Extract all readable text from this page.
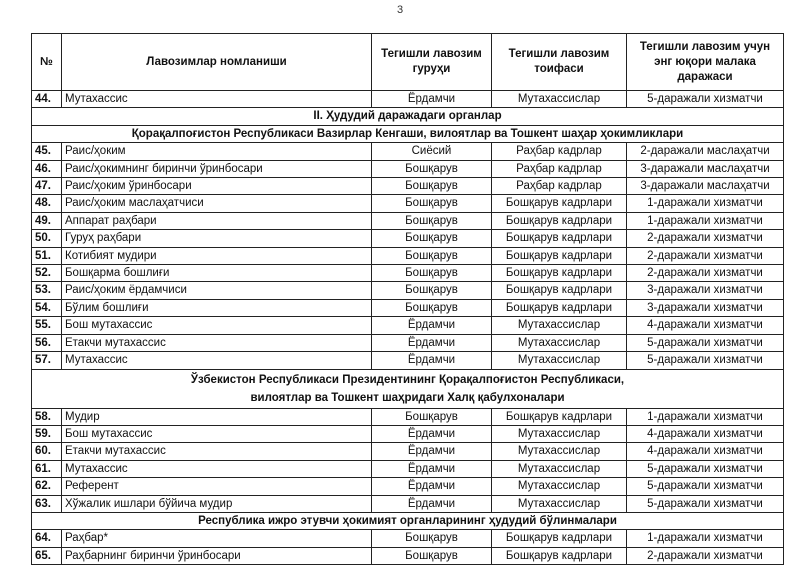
3
№	Лавозимлар номланиши	Тегишли лавозим гуруҳи	Тегишли лавозим тоифаси	Тегишли лавозим учун энг юқори малака даражаси
44.	Мутахассис	Ёрдамчи	Мутахассислар	5-даражали хизматчи
II. Ҳудудий даражадаги органлар				
Қорақалпоғистон Республикаси Вазирлар Кенгаши, вилоятлар ва Тошкент шаҳар ҳокимликлари				
45.	Раис/ҳоким	Сиёсий	Раҳбар кадрлар	2-даражали маслаҳатчи
46.	Раис/ҳокимнинг биринчи ўринбосари	Бошқарув	Раҳбар кадрлар	3-даражали маслаҳатчи
47.	Раис/ҳоким ўринбосари	Бошқарув	Раҳбар кадрлар	3-даражали маслаҳатчи
48.	Раис/ҳоким маслаҳатчиси	Бошқарув	Бошқарув кадрлари	1-даражали хизматчи
49.	Аппарат раҳбари	Бошқарув	Бошқарув кадрлари	1-даражали хизматчи
50.	Гуруҳ раҳбари	Бошқарув	Бошқарув кадрлари	2-даражали хизматчи
51.	Котибият мудири	Бошқарув	Бошқарув кадрлари	2-даражали хизматчи
52.	Бошқарма бошлиғи	Бошқарув	Бошқарув кадрлари	2-даражали хизматчи
53.	Раис/ҳоким ёрдамчиси	Бошқарув	Бошқарув кадрлари	3-даражали хизматчи
54.	Бўлим бошлиғи	Бошқарув	Бошқарув кадрлари	3-даражали хизматчи
55.	Бош мутахассис	Ёрдамчи	Мутахассислар	4-даражали хизматчи
56.	Етакчи мутахассис	Ёрдамчи	Мутахассислар	5-даражали хизматчи
57.	Мутахассис	Ёрдамчи	Мутахассислар	5-даражали хизматчи

Ўзбекистон Республикаси Президентининг Қорақалпоғистон Республикаси,
вилоятлар ва Тошкент шаҳридаги Халқ қабулхоналари				

58.	Мудир	Бошқарув	Бошқарув кадрлари	1-даражали хизматчи
59.	Бош мутахассис	Ёрдамчи	Мутахассислар	4-даражали хизматчи
60.	Етакчи мутахассис	Ёрдамчи	Мутахассислар	4-даражали хизматчи
61.	Мутахассис	Ёрдамчи	Мутахассислар	5-даражали хизматчи
62.	Референт	Ёрдамчи	Мутахассислар	5-даражали хизматчи
63.	Хўжалик ишлари бўйича мудир	Ёрдамчи	Мутахассислар	5-даражали хизматчи
Республика ижро этувчи ҳокимият органларининг ҳудудий бўлинмалари				
64.	Раҳбар*	Бошқарув	Бошқарув кадрлари	1-даражали хизматчи
65.	Раҳбарнинг биринчи ўринбосари	Бошқарув	Бошқарув кадрлари	2-даражали хизматчи
